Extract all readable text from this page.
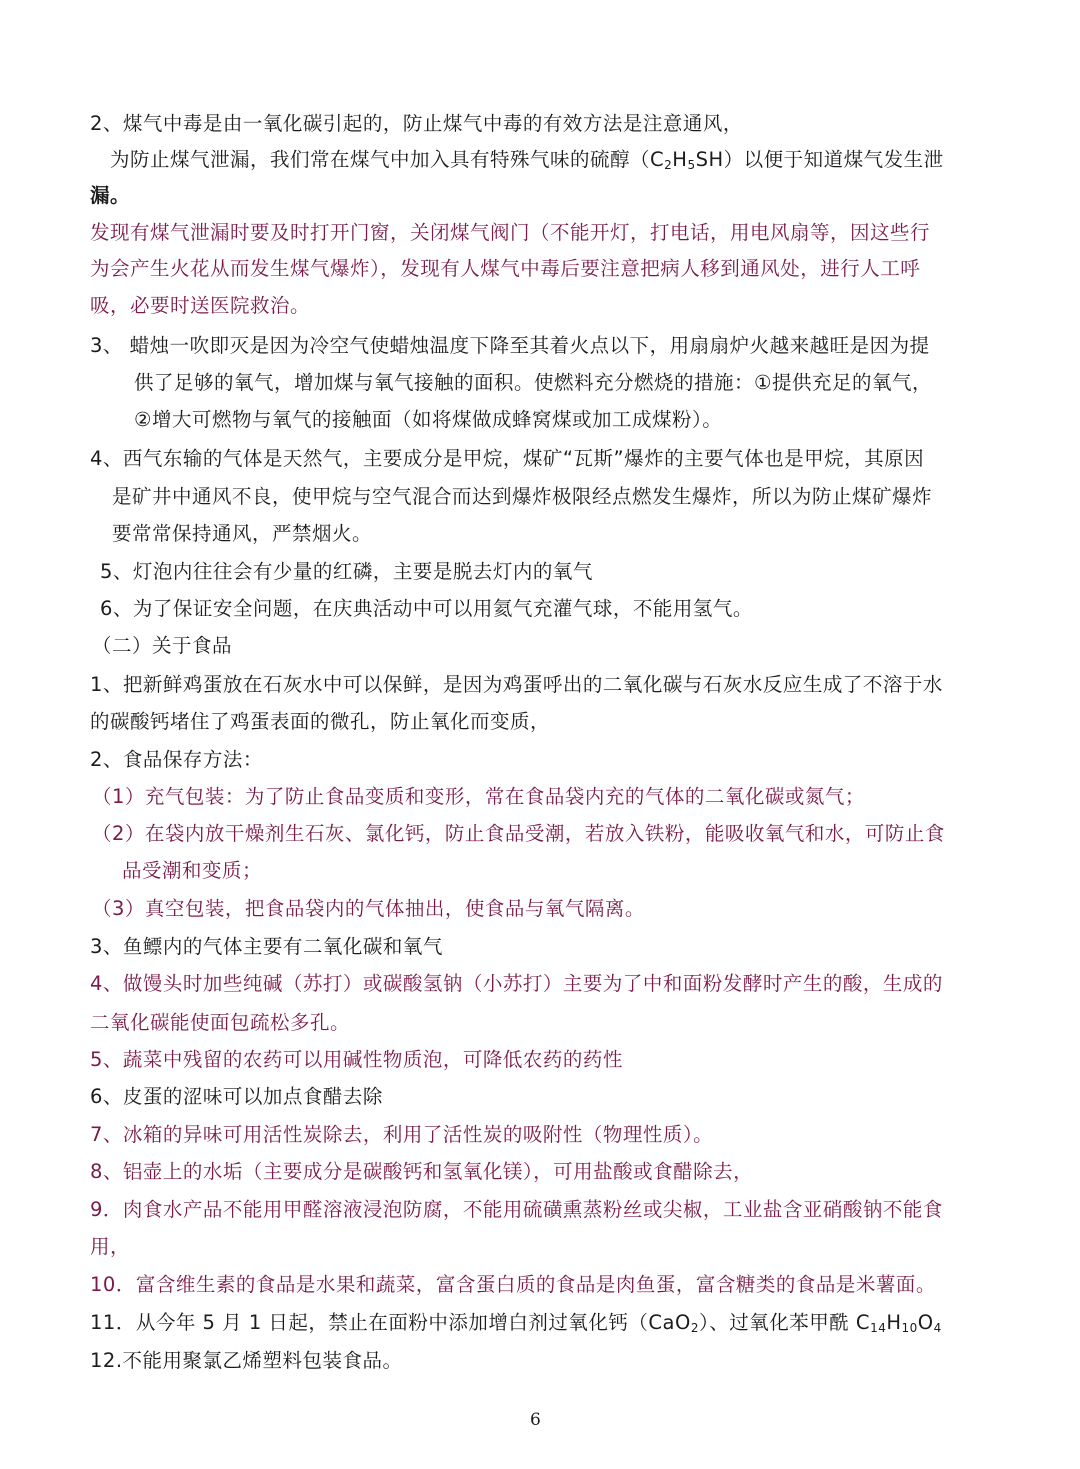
2、煤气中毒是由一氧化碳引起的，防止煤气中毒的有效方法是注意通风，
为防止煤气泄漏，我们常在煤气中加入具有特殊气味的硫醇$(C_2H_5SH)$以便于知道煤气发生泄
漏。
发现有煤气泄漏时要及时打开门窗，关闭煤气阀门（不能开灯，打电话，用电风扇等，因这些行
为会产生火花从而发生煤气爆炸），发现有人煤气中毒后要注意把病人移到通风处，进行人工呼
吸，必要时送医院救治。
3、 蜡烛一吹即灭是因为冷空气使蜡烛温度下降至其着火点以下，用扇扇炉火越来越旺是因为提
供了足够的氧气，增加煤与氧气接触的面积。使燃料充分燃烧的措施：①提供充足的氧气，
②增大可燃物与氧气的接触面（如将煤做成蜂窝煤或加工成煤粉）。
4、西气东输的气体是天然气，主要成分是甲烷，煤矿“瓦斯”爆炸的主要气体也是甲烷，其原因
是矿井中通风不良，使甲烷与空气混合而达到爆炸极限经点燃发生爆炸，所以为防止煤矿爆炸
要常常保持通风，严禁烟火。
5、灯泡内往往会有少量的红磷，主要是脱去灯内的氧气
6、为了保证安全问题，在庆典活动中可以用氦气充灌气球，不能用氢气。
（二）关于食品
1、把新鲜鸡蛋放在石灰水中可以保鲜，是因为鸡蛋呼出的二氧化碳与石灰水反应生成了不溶于水
的碳酸钙堵住了鸡蛋表面的微孔，防止氧化而变质，
2、食品保存方法：
（1）充气包装：为了防止食品变质和变形，常在食品袋内充的气体的二氧化碳或氮气；
（2）在袋内放干燥剂生石灰、氯化钙，防止食品受潮，若放入铁粉，能吸收氧气和水，可防止食
品受潮和变质；
（3）真空包装，把食品袋内的气体抽出，使食品与氧气隔离。
3、鱼鳔内的气体主要有二氧化碳和氧气
4、做馒头时加些纯碱（苏打）或碳酸氢钠（小苏打）主要为了中和面粉发酵时产生的酸，生成的
二氧化碳能使面包疏松多孔。
5、蔬菜中残留的农药可以用碱性物质泡，可降低农药的药性
6、皮蛋的涩味可以加点食醋去除
7、冰箱的异味可用活性炭除去，利用了活性炭的吸附性（物理性质）。
8、铝壶上的水垢（主要成分是碳酸钙和氢氧化镁），可用盐酸或食醋除去，
9．肉食水产品不能用甲醛溶液浸泡防腐，不能用硫磺熏蒸粉丝或尖椒，工业盐含亚硝酸钠不能食
用，
10．富含维生素的食品是水果和蔬菜，富含蛋白质的食品是肉鱼蛋，富含糖类的食品是米薯面。
11．从今年 5 月 1 日起，禁止在面粉中添加增白剂过氧化钙（CaO$_2$）、过氧化苯甲酰 $C_{14}H_{10}O_4$
12.不能用聚氯乙烯塑料包装食品。
6
